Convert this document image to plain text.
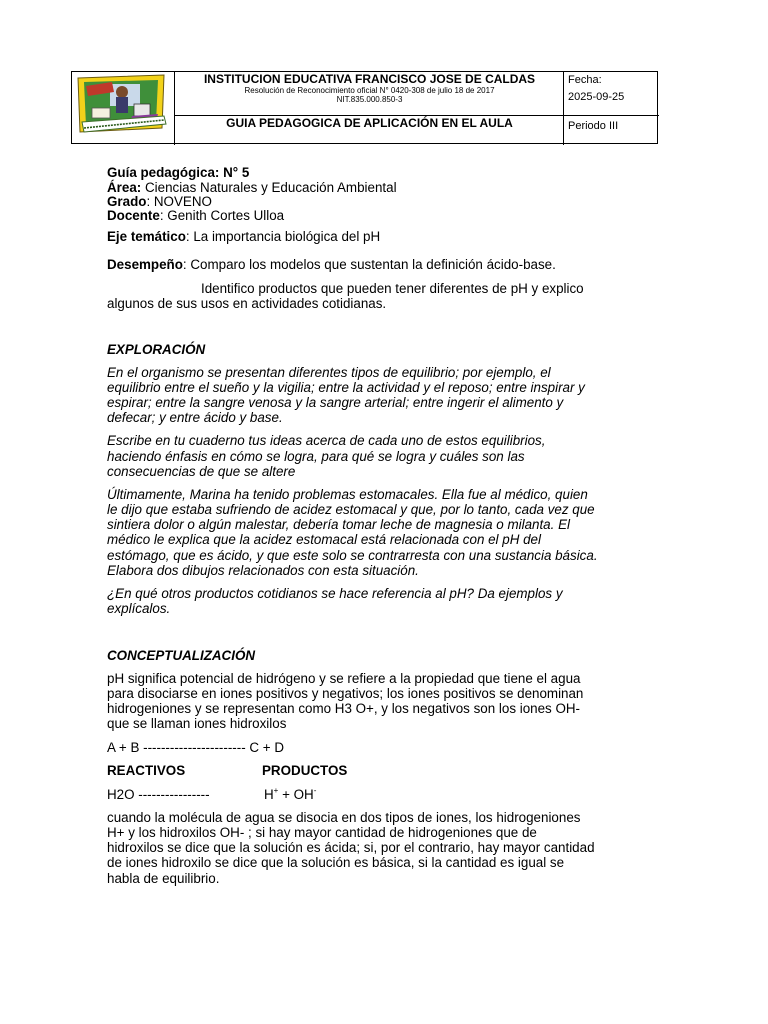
INSTITUCION EDUCATIVA FRANCISCO JOSE DE CALDAS
Resolución de Reconocimiento oficial N° 0420-308 de julio 18 de 2017
NIT.835.000.850-3
GUIA PEDAGOGICA DE APLICACIÓN EN EL AULA
Fecha:
2025-09-25
Periodo III
Guía pedagógica: N° 5
Área: Ciencias Naturales y Educación Ambiental
Grado: NOVENO
Docente: Genith Cortes Ulloa
Eje temático: La importancia biológica del pH
Desempeño: Comparo los modelos que sustentan la definición ácido-base.
Identifico productos que pueden tener diferentes de pH y explico
algunos de sus usos en actividades cotidianas.
EXPLORACIÓN
En el organismo se presentan diferentes tipos de equilibrio; por ejemplo, el
equilibrio entre el sueño y la vigilia; entre la actividad y el reposo; entre inspirar y
espirar; entre la sangre venosa y la sangre arterial; entre ingerir el alimento y
defecar; y entre ácido y base.
Escribe en tu cuaderno tus ideas acerca de cada uno de estos equilibrios,
haciendo énfasis en cómo se logra, para qué se logra y cuáles son las
consecuencias de que se altere
Últimamente, Marina ha tenido problemas estomacales. Ella fue al médico, quien
le dijo que estaba sufriendo de acidez estomacal y que, por lo tanto, cada vez que
sintiera dolor o algún malestar, debería tomar leche de magnesia o milanta. El
médico le explica que la acidez estomacal está relacionada con el pH del
estómago, que es ácido, y que este solo se contrarresta con una sustancia básica.
Elabora dos dibujos relacionados con esta situación.
¿En qué otros productos cotidianos se hace referencia al pH? Da ejemplos y
explícalos.
CONCEPTUALIZACIÓN
pH significa potencial de hidrógeno y se refiere a la propiedad que tiene el agua
para disociarse en iones positivos y negativos; los iones positivos se denominan
hidrogeniones y se representan como H3 O+, y los negativos son los iones OH-
que se llaman iones hidroxilos
A + B ----------------------- C + D
REACTIVOS	PRODUCTOS
H2O ----------------	H+ + OH-
cuando la molécula de agua se disocia en dos tipos de iones, los hidrogeniones
H+ y los hidroxilos OH- ; si hay mayor cantidad de hidrogeniones que de
hidroxilos se dice que la solución es ácida; si, por el contrario, hay mayor cantidad
de iones hidroxilo se dice que la solución es básica, si la cantidad es igual se
habla de equilibrio.
